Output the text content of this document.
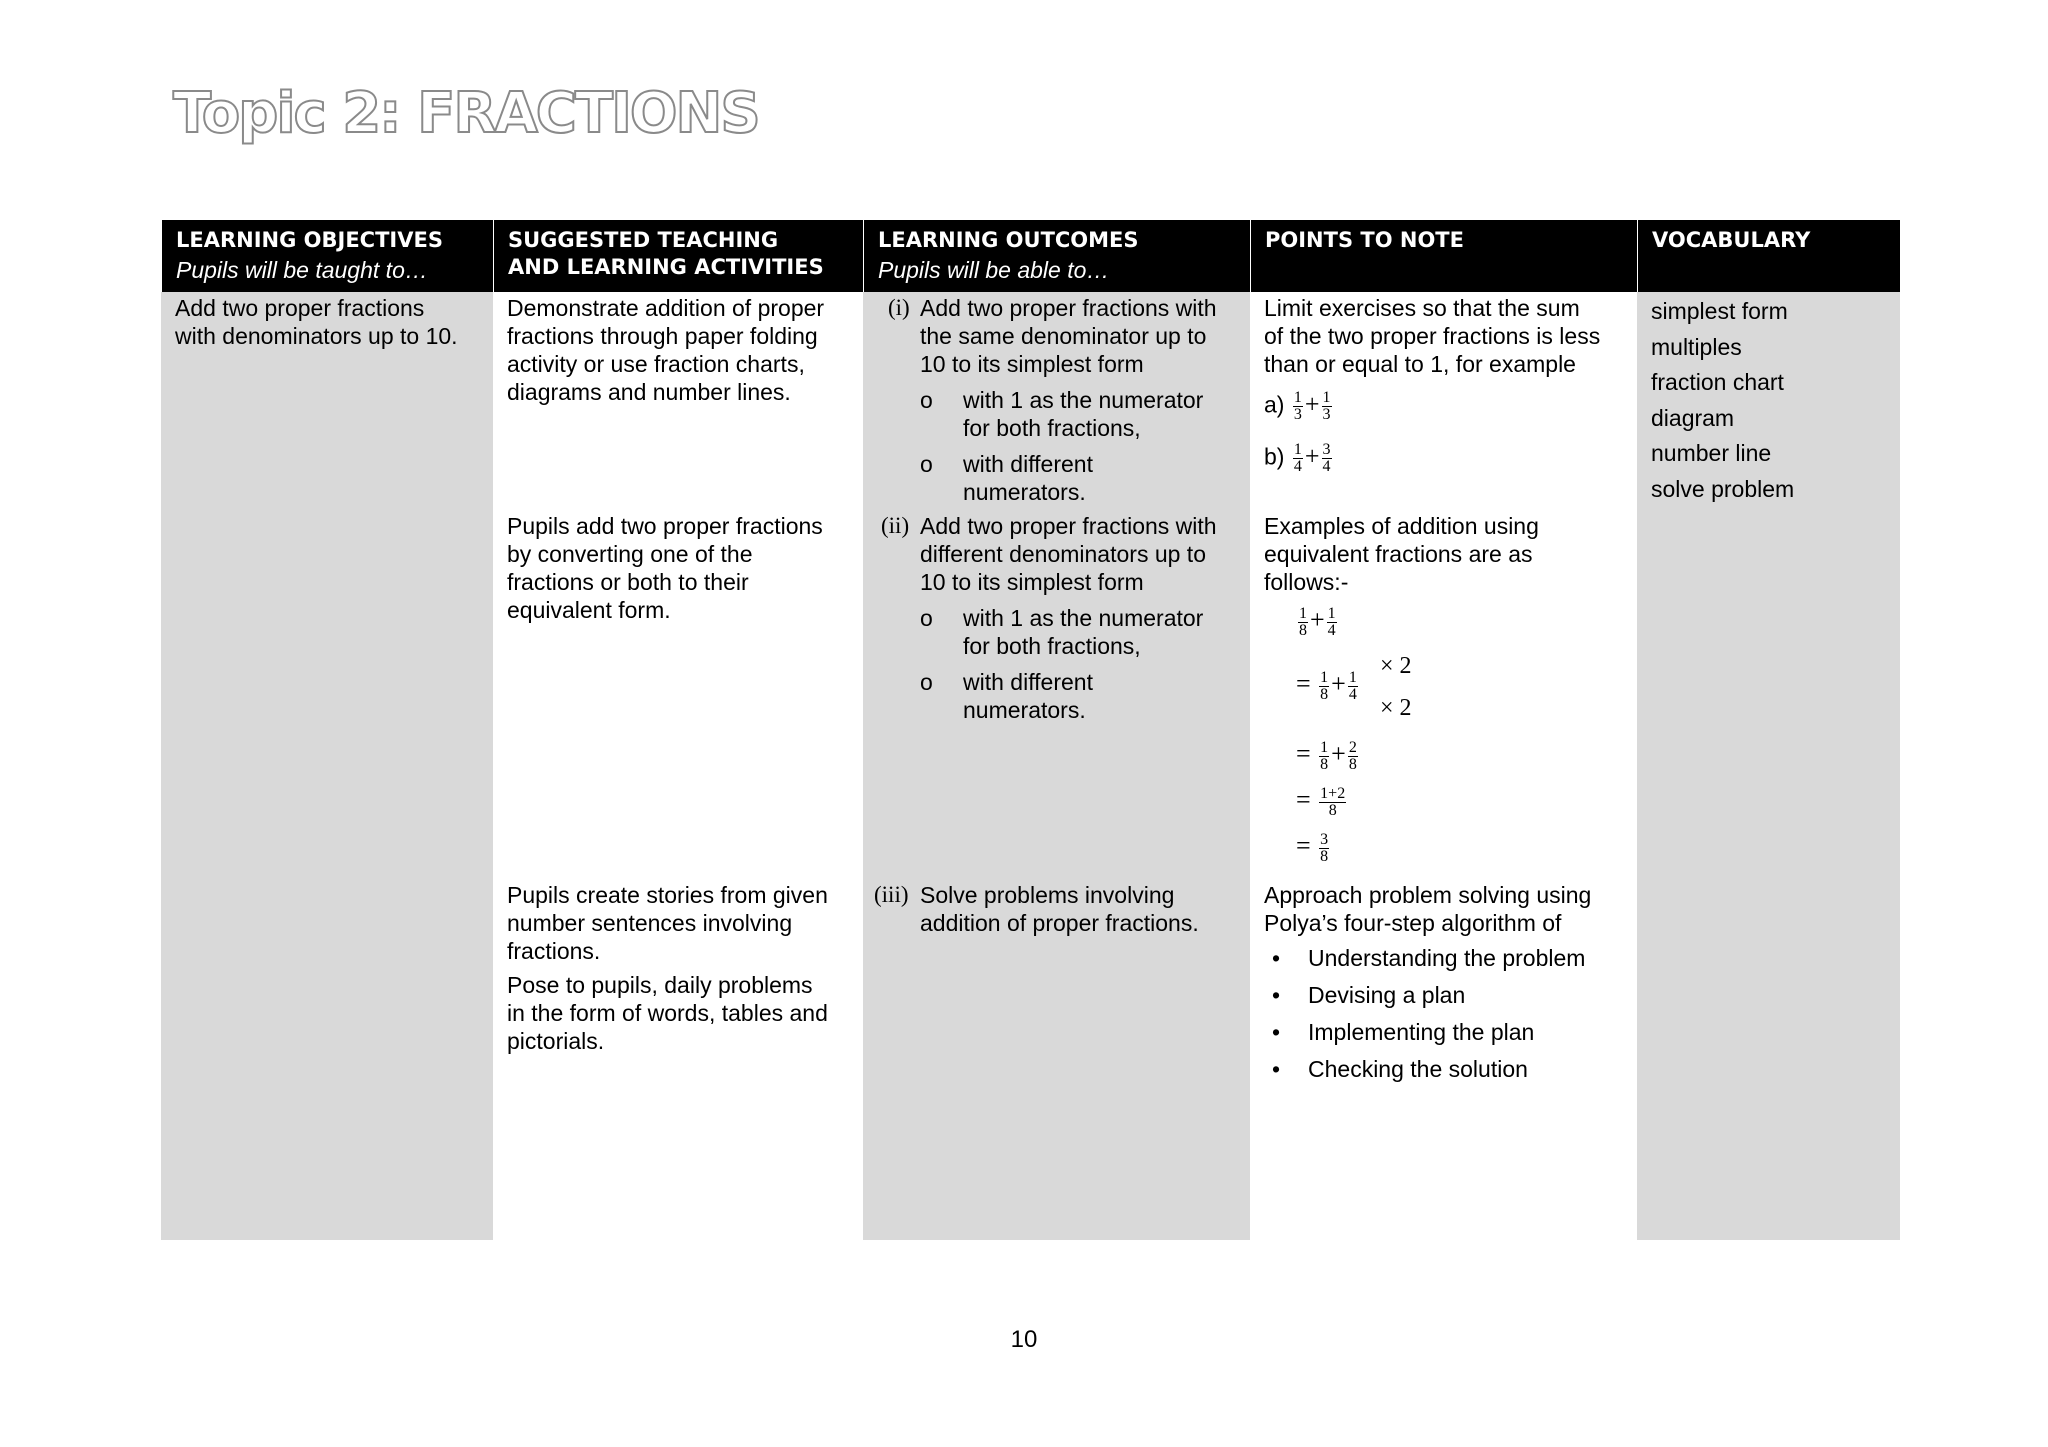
Topic 2: FRACTIONS
LEARNING OBJECTIVES
Pupils will be taught to…
Add two proper fractions
with denominators up to 10.
SUGGESTED TEACHING
AND LEARNING ACTIVITIES
Demonstrate addition of proper
fractions through paper folding
activity or use fraction charts,
diagrams and number lines.
Pupils add two proper fractions
by converting one of the
fractions or both to their
equivalent form.
Pupils create stories from given
number sentences involving
fractions.
Pose to pupils, daily problems
in the form of words, tables and
pictorials.
LEARNING OUTCOMES
Pupils will be able to…
(i) Add two proper fractions with
the same denominator up to
10 to its simplest form
o with 1 as the numerator
for both fractions,
o with different
numerators.
(ii) Add two proper fractions with
different denominators up to
10 to its simplest form
o with 1 as the numerator
for both fractions,
o with different
numerators.
(iii) Solve problems involving
addition of proper fractions.
POINTS TO NOTE
Limit exercises so that the sum
of the two proper fractions is less
than or equal to 1, for example
$a) \frac{1}{3} + \frac{1}{3}$
$b) \frac{1}{4} + \frac{3}{4}$
Examples of addition using
equivalent fractions are as
follows:-
$\frac{1}{8} + \frac{1}{4}$
= $\frac{1}{8} + \frac{1}{4}$
× 2
× 2
= $\frac{1}{8} + \frac{2}{8}$
= $\frac{1+2}{8}$
= $\frac{3}{8}$
Approach problem solving using
Polya’s four-step algorithm of
• Understanding the problem
• Devising a plan
• Implementing the plan
• Checking the solution
VOCABULARY
simplest form
multiples
fraction chart
diagram
number line
solve problem
10
